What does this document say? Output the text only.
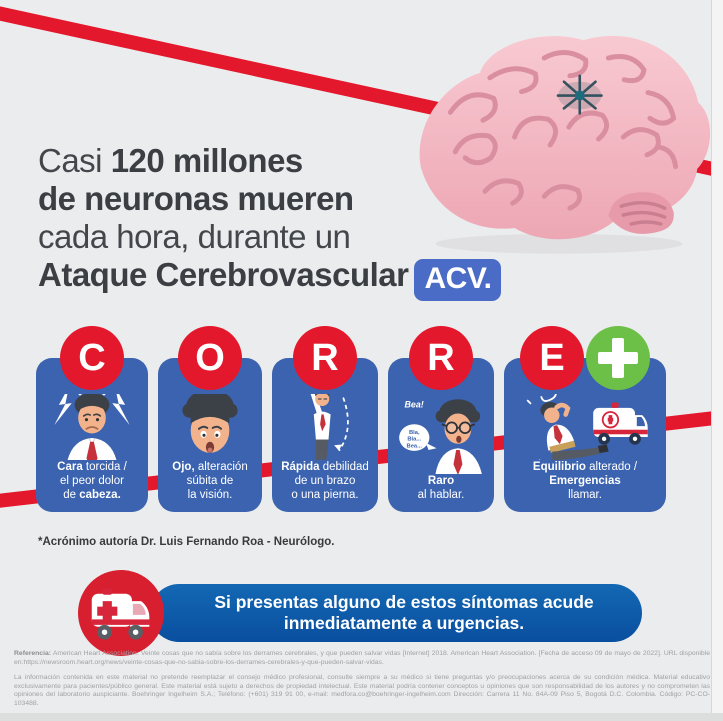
Casi 120 millones
de neuronas mueren
cada hora, durante un
Ataque Cerebrovascular ACV.
C
Cara torcida /
el peor dolor
de cabeza.
O
Ojo, alteración
súbita de
la visión.
R
Rápida debilidad
de un brazo
o una pierna.
R
Bea!
Bla,
Bla...
Bea...
Raro
al hablar.
E
Equilibrio alterado /
Emergencias
llamar.
*Acrónimo autoría Dr. Luis Fernando Roa - Neurólogo.
Si presentas alguno de estos síntomas acude inmediatamente a urgencias.

Referencia: American Heart Association. Veinte cosas que no sabía sobre los derrames cerebrales, y que pueden salvar vidas [Internet] 2018. American Heart Association. [Fecha de acceso 09 de mayo de 2022]. URL disponible en:https://newsroom.heart.org/news/veinte-cosas-que-no-sabia-sobre-los-derrames-cerebrales-y-que-pueden-salvar-vidas.

La información contenida en este material no pretende reemplazar el consejo médico profesional, consulte siempre a su médico si tiene preguntas y/o preocupaciones acerca de su condición médica. Material educativo exclusivamente para pacientes/público general. Este material está sujeto a derechos de propiedad intelectual. Este material podría contener conceptos u opiniones que son responsabilidad de los autores y no comprometen las opiniones del laboratorio auspiciante. Boehringer Ingelheim S.A.; Teléfono: (+601) 319 91 00, e-mail: medfora.co@boehringer-ingelheim.com Dirección: Carrera 11 No. 84A-09 Piso 5, Bogotá D.C. Colombia. Código: PC-CO-103488.
